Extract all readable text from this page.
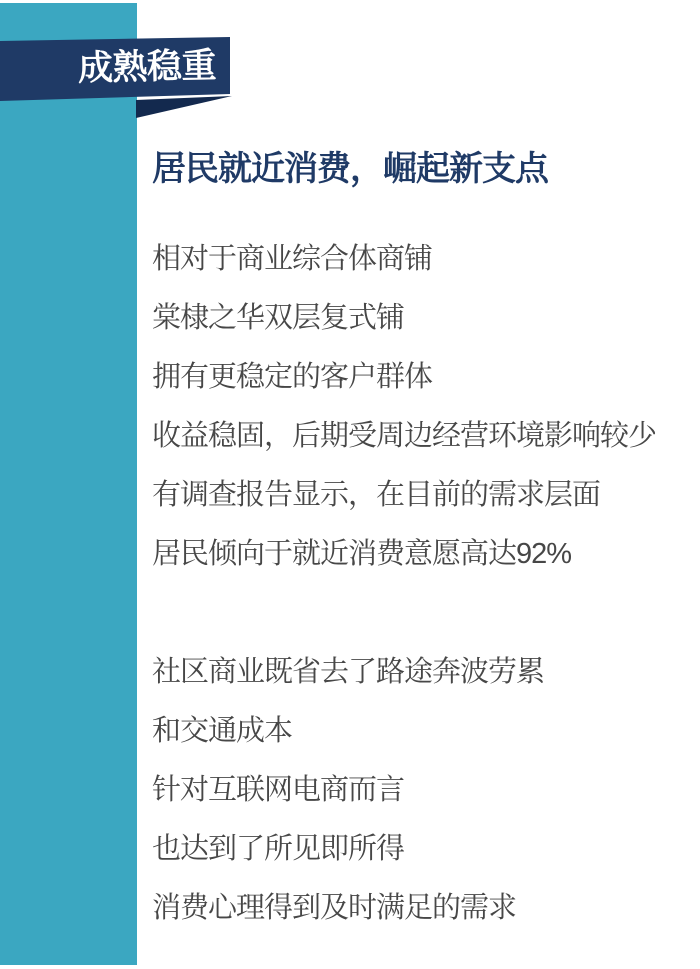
成熟稳重
居民就近消费，崛起新支点
相对于商业综合体商铺
棠棣之华双层复式铺
拥有更稳定的客户群体
收益稳固，后期受周边经营环境影响较少
有调查报告显示，在目前的需求层面
居民倾向于就近消费意愿高达92%
社区商业既省去了路途奔波劳累
和交通成本
针对互联网电商而言
也达到了所见即所得
消费心理得到及时满足的需求
